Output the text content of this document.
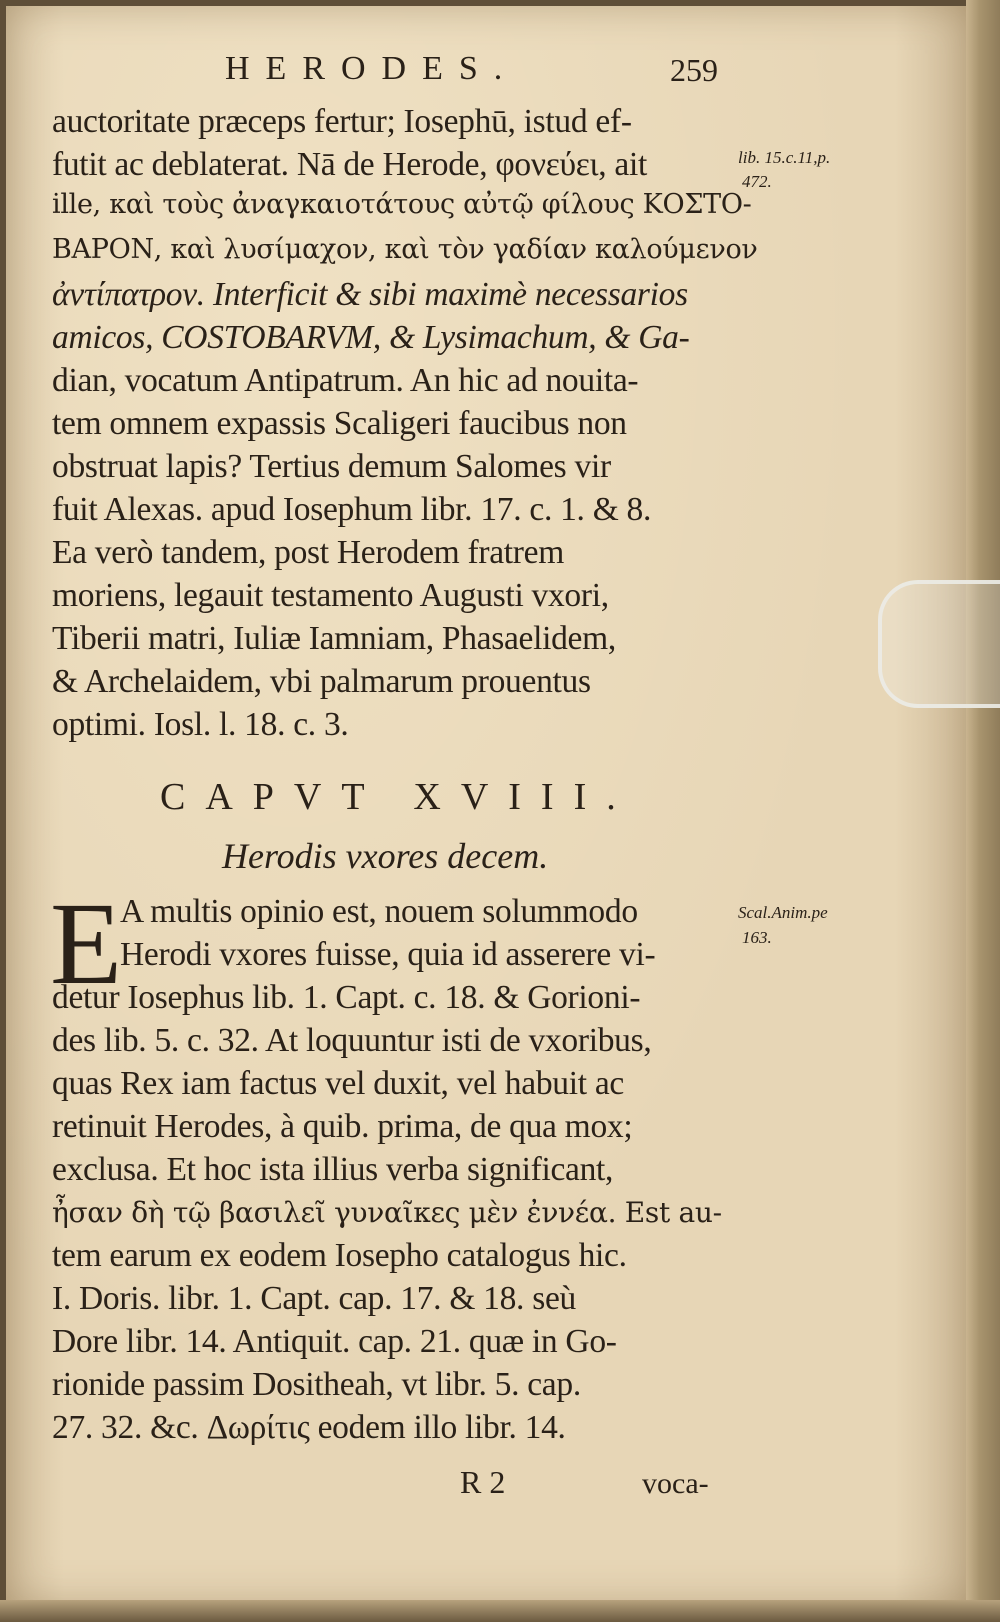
HERODES.	259
auctoritate præceps fertur; Iosephū, istud ef-
futit ac deblaterat. Nā de Herode, φονεύει, ait
ille, καὶ τοὺς ἀναγκαιοτάτους αὐτῷ φίλους ΚΟΣΤΟ-
ΒΑΡΟΝ, καὶ λυσίμαχον, καὶ τὸν γαδίαν καλούμενον
ἀντίπατρον. Interficit & sibi maximè necessarios
amicos, COSTOBARVM, & Lysimachum, & Ga-
dian, vocatum Antipatrum. An hic ad nouita-
tem omnem expassis Scaligeri faucibus non
obstruat lapis? Tertius demum Salomes vir
fuit Alexas. apud Iosephum libr. 17. c. 1. & 8.
Ea verò tandem, post Herodem fratrem
moriens, legauit testamento Augusti vxori,
Tiberii matri, Iuliæ Iamniam, Phasaelidem,
& Archelaidem, vbi palmarum prouentus
optimi. Iosl. l. 18. c. 3.
CAPVT XVIII.
Herodis vxores decem.
E
A multis opinio est, nouem solummodo
Herodi vxores fuisse, quia id asserere vi-
detur Iosephus lib. 1. Capt. c. 18. & Gorioni-
des lib. 5. c. 32. At loquuntur isti de vxoribus,
quas Rex iam factus vel duxit, vel habuit ac
retinuit Herodes, à quib. prima, de qua mox;
exclusa. Et hoc ista illius verba significant,
ἦσαν δὴ τῷ βασιλεῖ γυναῖκες μὲν ἐννέα. Est au-
tem earum ex eodem Iosepho catalogus hic.
I. Doris. libr. 1. Capt. cap. 17. & 18. seù
Dore libr. 14. Antiquit. cap. 21. quæ in Go-
rionide passim Dositheah, vt libr. 5. cap.
27. 32. &c. Δωρίτις eodem illo libr. 14.
lib. 15.c.11,p.
472.
Scal.Anim.pe
163.
R 2	voca-
